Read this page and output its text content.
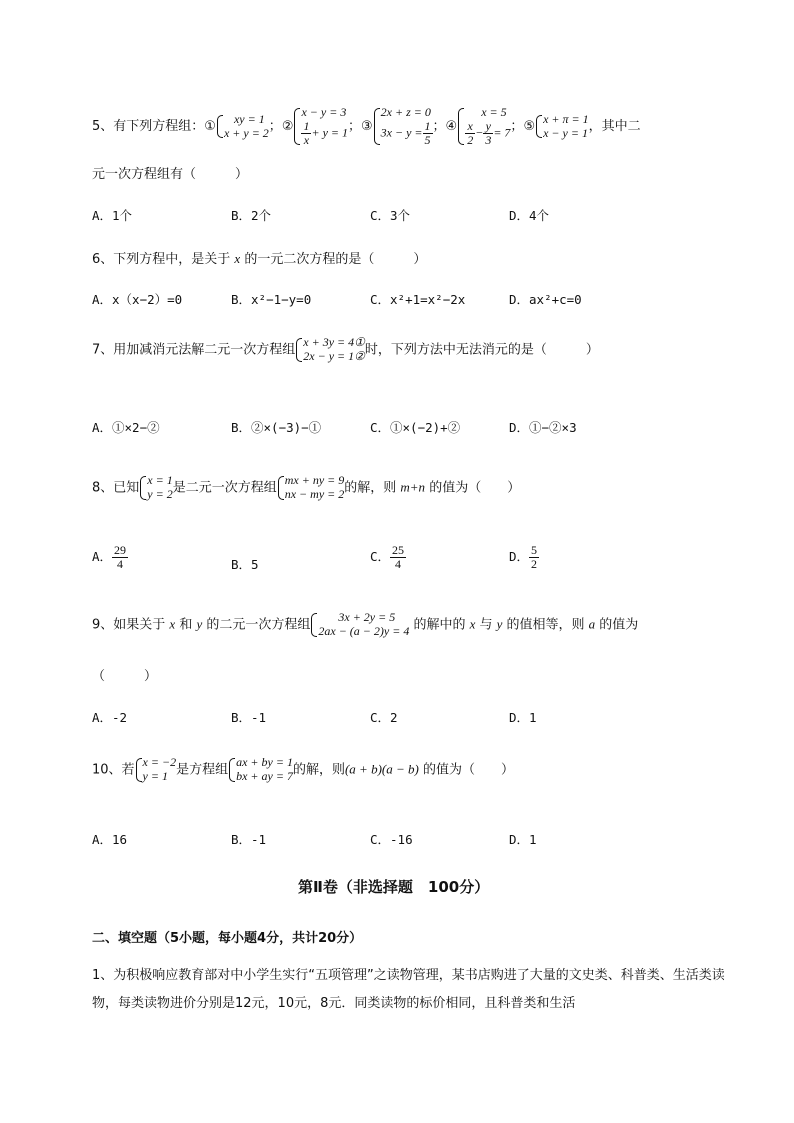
5、有下列方程组：①
xy = 1
x + y = 2 ；②
x − y = 3
$\frac{1}{x} + y = 1$ ；③
2x + z = 0
$3x - y = \frac{1}{5}$ ；④
x = 5
$\frac{x}{2} - \frac{y}{3} = 7$ ；⑤
x + π = 1
x − y = 1 ，其中二
元一次方程组有（　　　）
A．1个	B．2个	C．3个	D．4个
6、下列方程中，是关于 x 的一元二次方程的是（　　　）
A．x（x−2）=0	B．x²−1−y=0	C．x²+1=x²−2x	D．ax²+c=0
7、用加减消元法解二元一次方程组
x + 3y = 4①
2x − y = 1② 时，下列方法中无法消元的是（　　　）
A．①×2−②	B．②×(−3)−①	C．①×(−2)+②	D．①−②×3
8、已知
x = 1
y = 2 是二元一次方程组
mx + ny = 9
nx − my = 2 的解，则 m+n 的值为（　　）
A． $\frac{29}{4}$	B．5
C． $\frac{25}{4}$	D． $\frac{5}{2}$
9、如果关于 x 和 y 的二元一次方程组
3x + 2y = 5
2ax − (a − 2)y = 4 的解中的 x 与 y 的值相等，则 a 的值为
（　　　）
A．-2	B．-1	C．2	D．1
10、若
x = −2
y = 1 是方程组
ax + by = 1
bx + ay = 7 的解，则(a + b)(a − b) 的值为（　　）
A．16	B．-1	C．-16	D．1
第Ⅱ卷（非选择题　100分）
二、填空题（5小题，每小题4分，共计20分）
1、为积极响应教育部对中小学生实行“五项管理”之读物管理，某书店购进了大量的文史类、科普类、生活类读物，每类读物进价分别是12元，10元，8元．同类读物的标价相同，且科普类和生活
